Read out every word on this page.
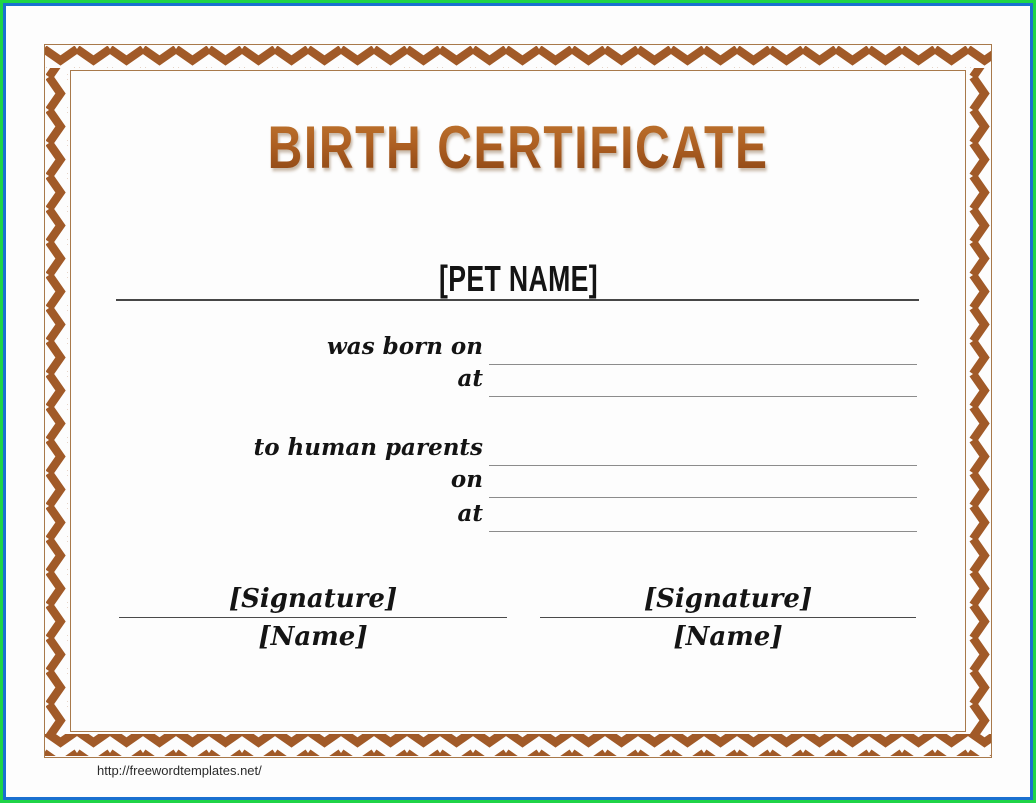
BIRTH CERTIFICATE
[PET NAME]
was born on
at
to human parents
on
at
[Signature]
[Name]
[Signature]
[Name]
http://freewordtemplates.net/
